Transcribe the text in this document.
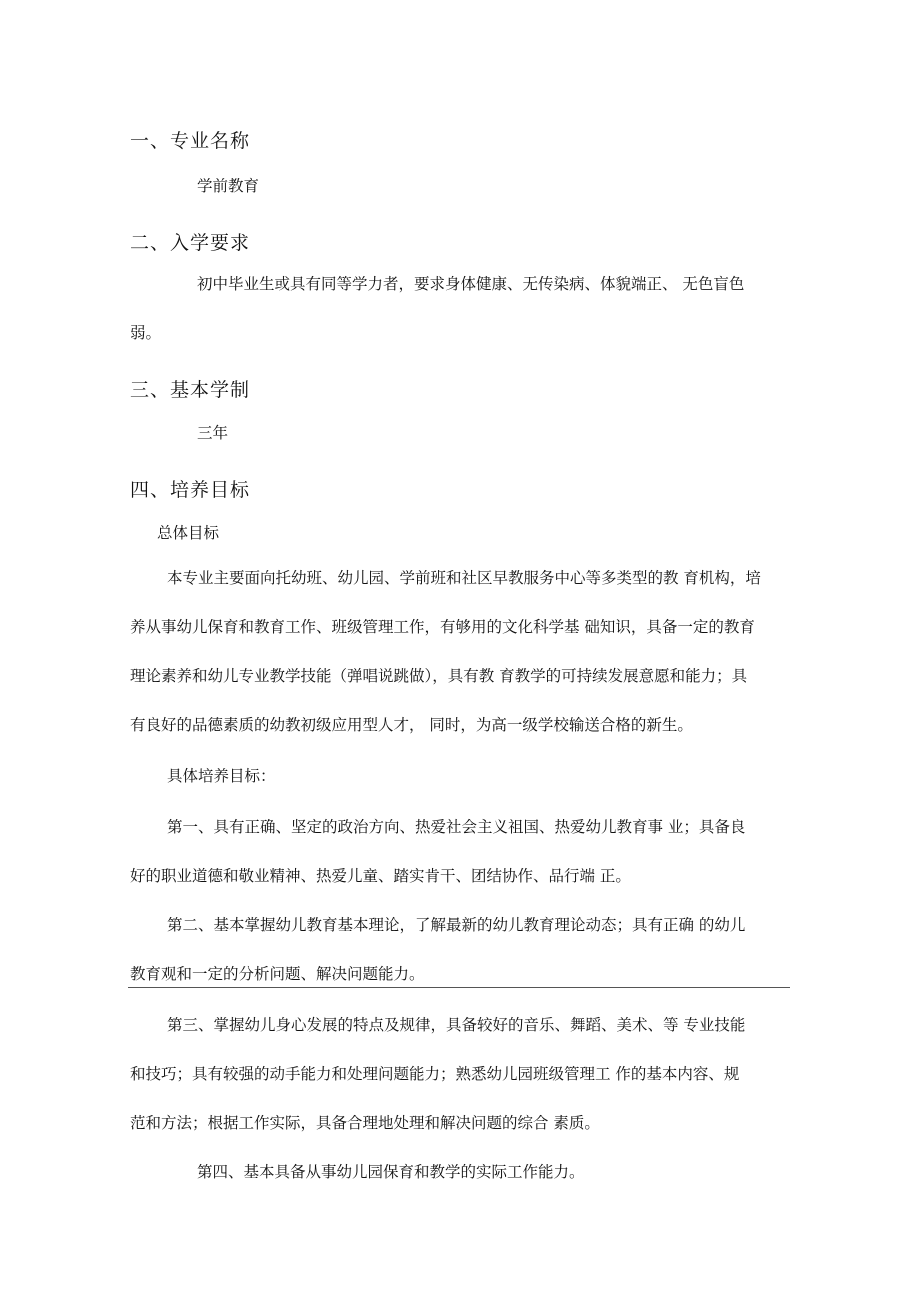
一、专业名称
学前教育
二、入学要求
初中毕业生或具有同等学力者，要求身体健康、无传染病、体貌端正、 无色盲色
弱。
三、基本学制
三年
四、培养目标
总体目标
本专业主要面向托幼班、幼儿园、学前班和社区早教服务中心等多类型的教 育机构，培
养从事幼儿保育和教育工作、班级管理工作，有够用的文化科学基 础知识，具备一定的教育
理论素养和幼儿专业教学技能（弹唱说跳做），具有教 育教学的可持续发展意愿和能力；具
有良好的品德素质的幼教初级应用型人才， 同时，为高一级学校输送合格的新生。
具体培养目标：
第一、具有正确、坚定的政治方向、热爱社会主义祖国、热爱幼儿教育事 业；具备良
好的职业道德和敬业精神、热爱儿童、踏实肯干、团结协作、品行端 正。
第二、基本掌握幼儿教育基本理论，了解最新的幼儿教育理论动态；具有正确 的幼儿
教育观和一定的分析问题、解决问题能力。
第三、掌握幼儿身心发展的特点及规律，具备较好的音乐、舞蹈、美术、等 专业技能
和技巧；具有较强的动手能力和处理问题能力；熟悉幼儿园班级管理工 作的基本内容、规
范和方法；根据工作实际，具备合理地处理和解决问题的综合 素质。
第四、基本具备从事幼儿园保育和教学的实际工作能力。
